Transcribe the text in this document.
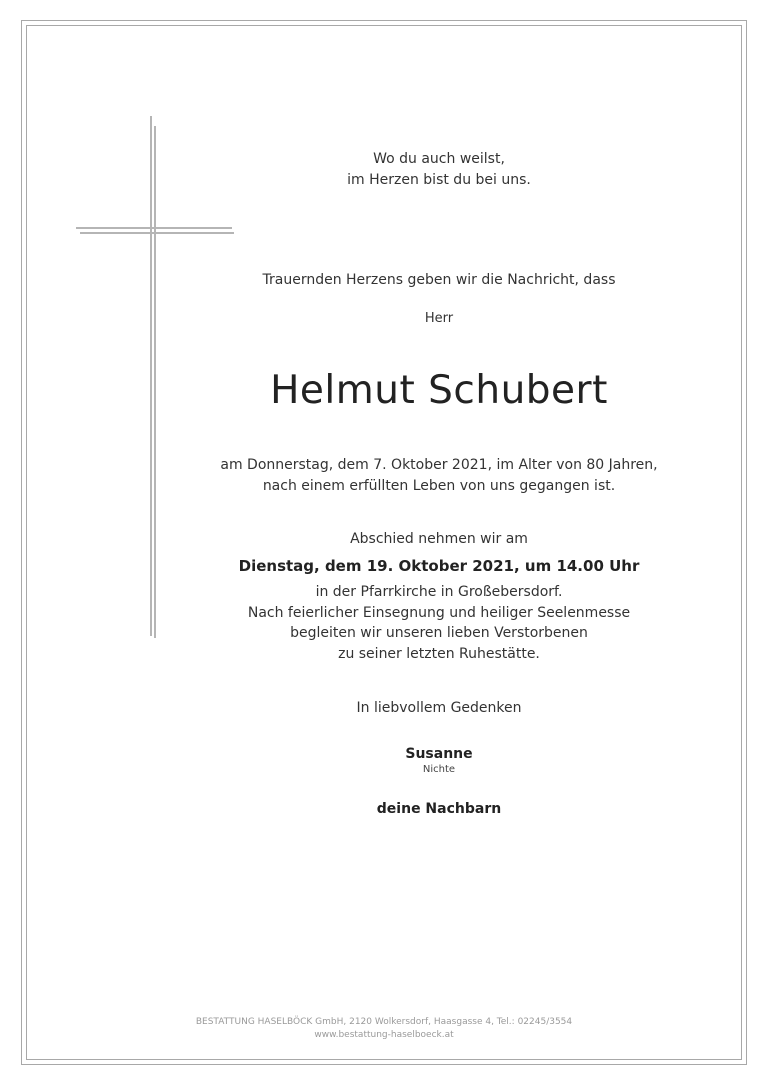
Wo du auch weilst,
im Herzen bist du bei uns.
Trauernden Herzens geben wir die Nachricht, dass
Herr
Helmut Schubert
am Donnerstag, dem 7. Oktober 2021, im Alter von 80 Jahren,
nach einem erfüllten Leben von uns gegangen ist.
Abschied nehmen wir am
Dienstag, dem 19. Oktober 2021, um 14.00 Uhr
in der Pfarrkirche in Großebersdorf.
Nach feierlicher Einsegnung und heiliger Seelenmesse
begleiten wir unseren lieben Verstorbenen
zu seiner letzten Ruhestätte.
In liebvollem Gedenken
Susanne
Nichte
deine Nachbarn
BESTATTUNG HASELBÖCK GmbH, 2120 Wolkersdorf, Haasgasse 4, Tel.: 02245/3554
www.bestattung-haselboeck.at
